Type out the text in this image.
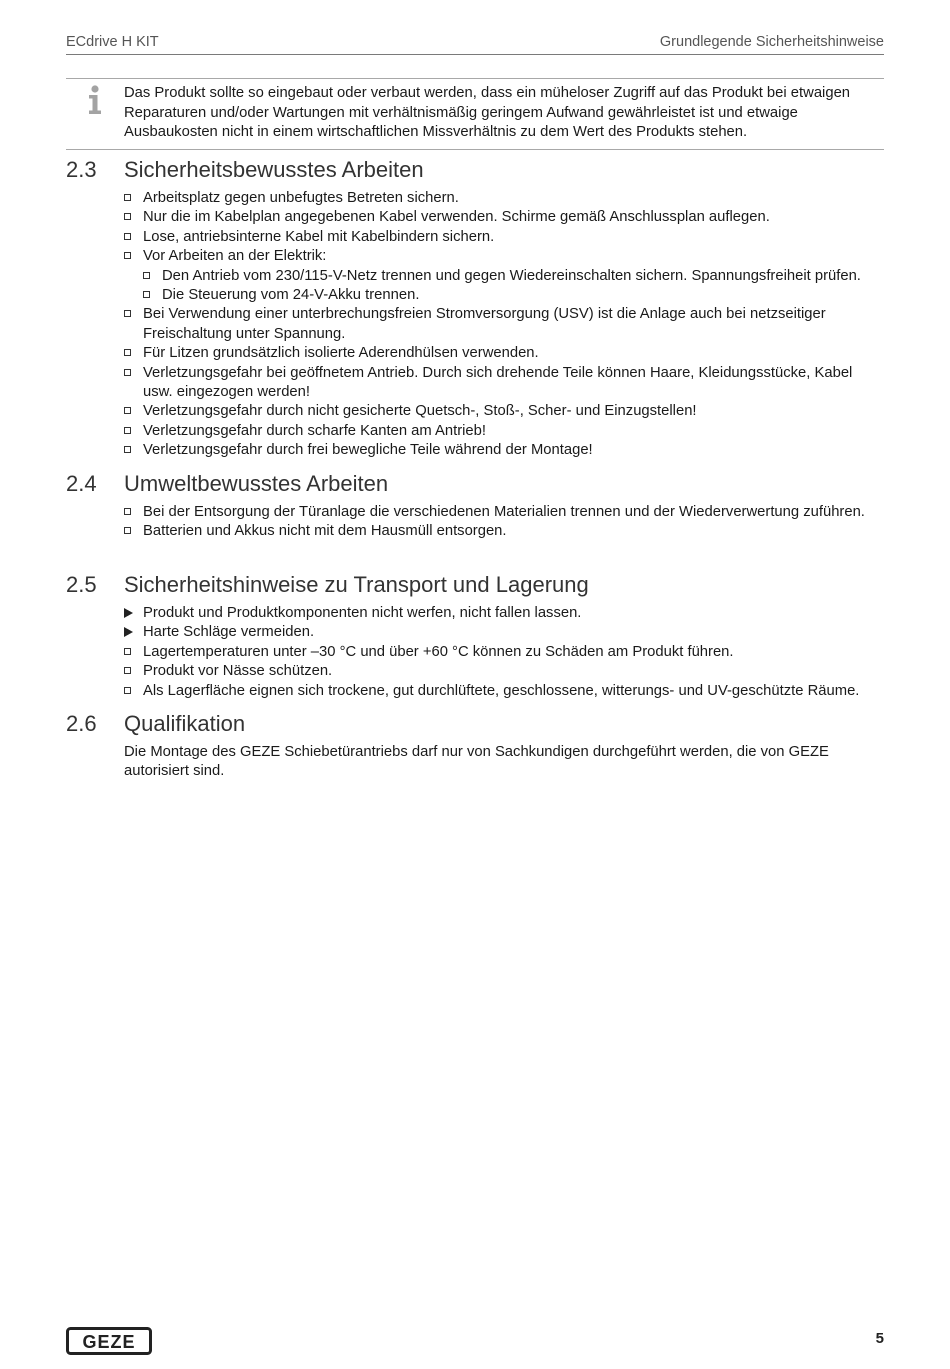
ECdrive H KIT	Grundlegende Sicherheitshinweise
Das Produkt sollte so eingebaut oder verbaut werden, dass ein müheloser Zugriff auf das Produkt bei etwaigen Reparaturen und/oder Wartungen mit verhältnismäßig geringem Aufwand gewährleistet ist und etwaige Ausbaukosten nicht in einem wirtschaftlichen Missverhältnis zu dem Wert des Produkts stehen.
2.3	Sicherheitsbewusstes Arbeiten
Arbeitsplatz gegen unbefugtes Betreten sichern.
Nur die im Kabelplan angegebenen Kabel verwenden. Schirme gemäß Anschlussplan auflegen.
Lose, antriebsinterne Kabel mit Kabelbindern sichern.
Vor Arbeiten an der Elektrik:
Den Antrieb vom 230/115-V-Netz trennen und gegen Wiedereinschalten sichern. Spannungsfreiheit prüfen.
Die Steuerung vom 24-V-Akku trennen.
Bei Verwendung einer unterbrechungsfreien Stromversorgung (USV) ist die Anlage auch bei netzseitiger Freischaltung unter Spannung.
Für Litzen grundsätzlich isolierte Aderendhülsen verwenden.
Verletzungsgefahr bei geöffnetem Antrieb. Durch sich drehende Teile können Haare, Kleidungsstücke, Kabel usw. eingezogen werden!
Verletzungsgefahr durch nicht gesicherte Quetsch-, Stoß-, Scher- und Einzugstellen!
Verletzungsgefahr durch scharfe Kanten am Antrieb!
Verletzungsgefahr durch frei bewegliche Teile während der Montage!
2.4	Umweltbewusstes Arbeiten
Bei der Entsorgung der Türanlage die verschiedenen Materialien trennen und der Wiederverwertung zuführen.
Batterien und Akkus nicht mit dem Hausmüll entsorgen.
2.5	Sicherheitshinweise zu Transport und Lagerung
Produkt und Produktkomponenten nicht werfen, nicht fallen lassen.
Harte Schläge vermeiden.
Lagertemperaturen unter –30 °C und über +60 °C können zu Schäden am Produkt führen.
Produkt vor Nässe schützen.
Als Lagerfläche eignen sich trockene, gut durchlüftete, geschlossene, witterungs- und UV-geschützte Räume.
2.6	Qualifikation

Die Montage des GEZE Schiebetürantriebs darf nur von Sachkundigen durchgeführt werden, die von GEZE autorisiert sind.

GEZE	5
